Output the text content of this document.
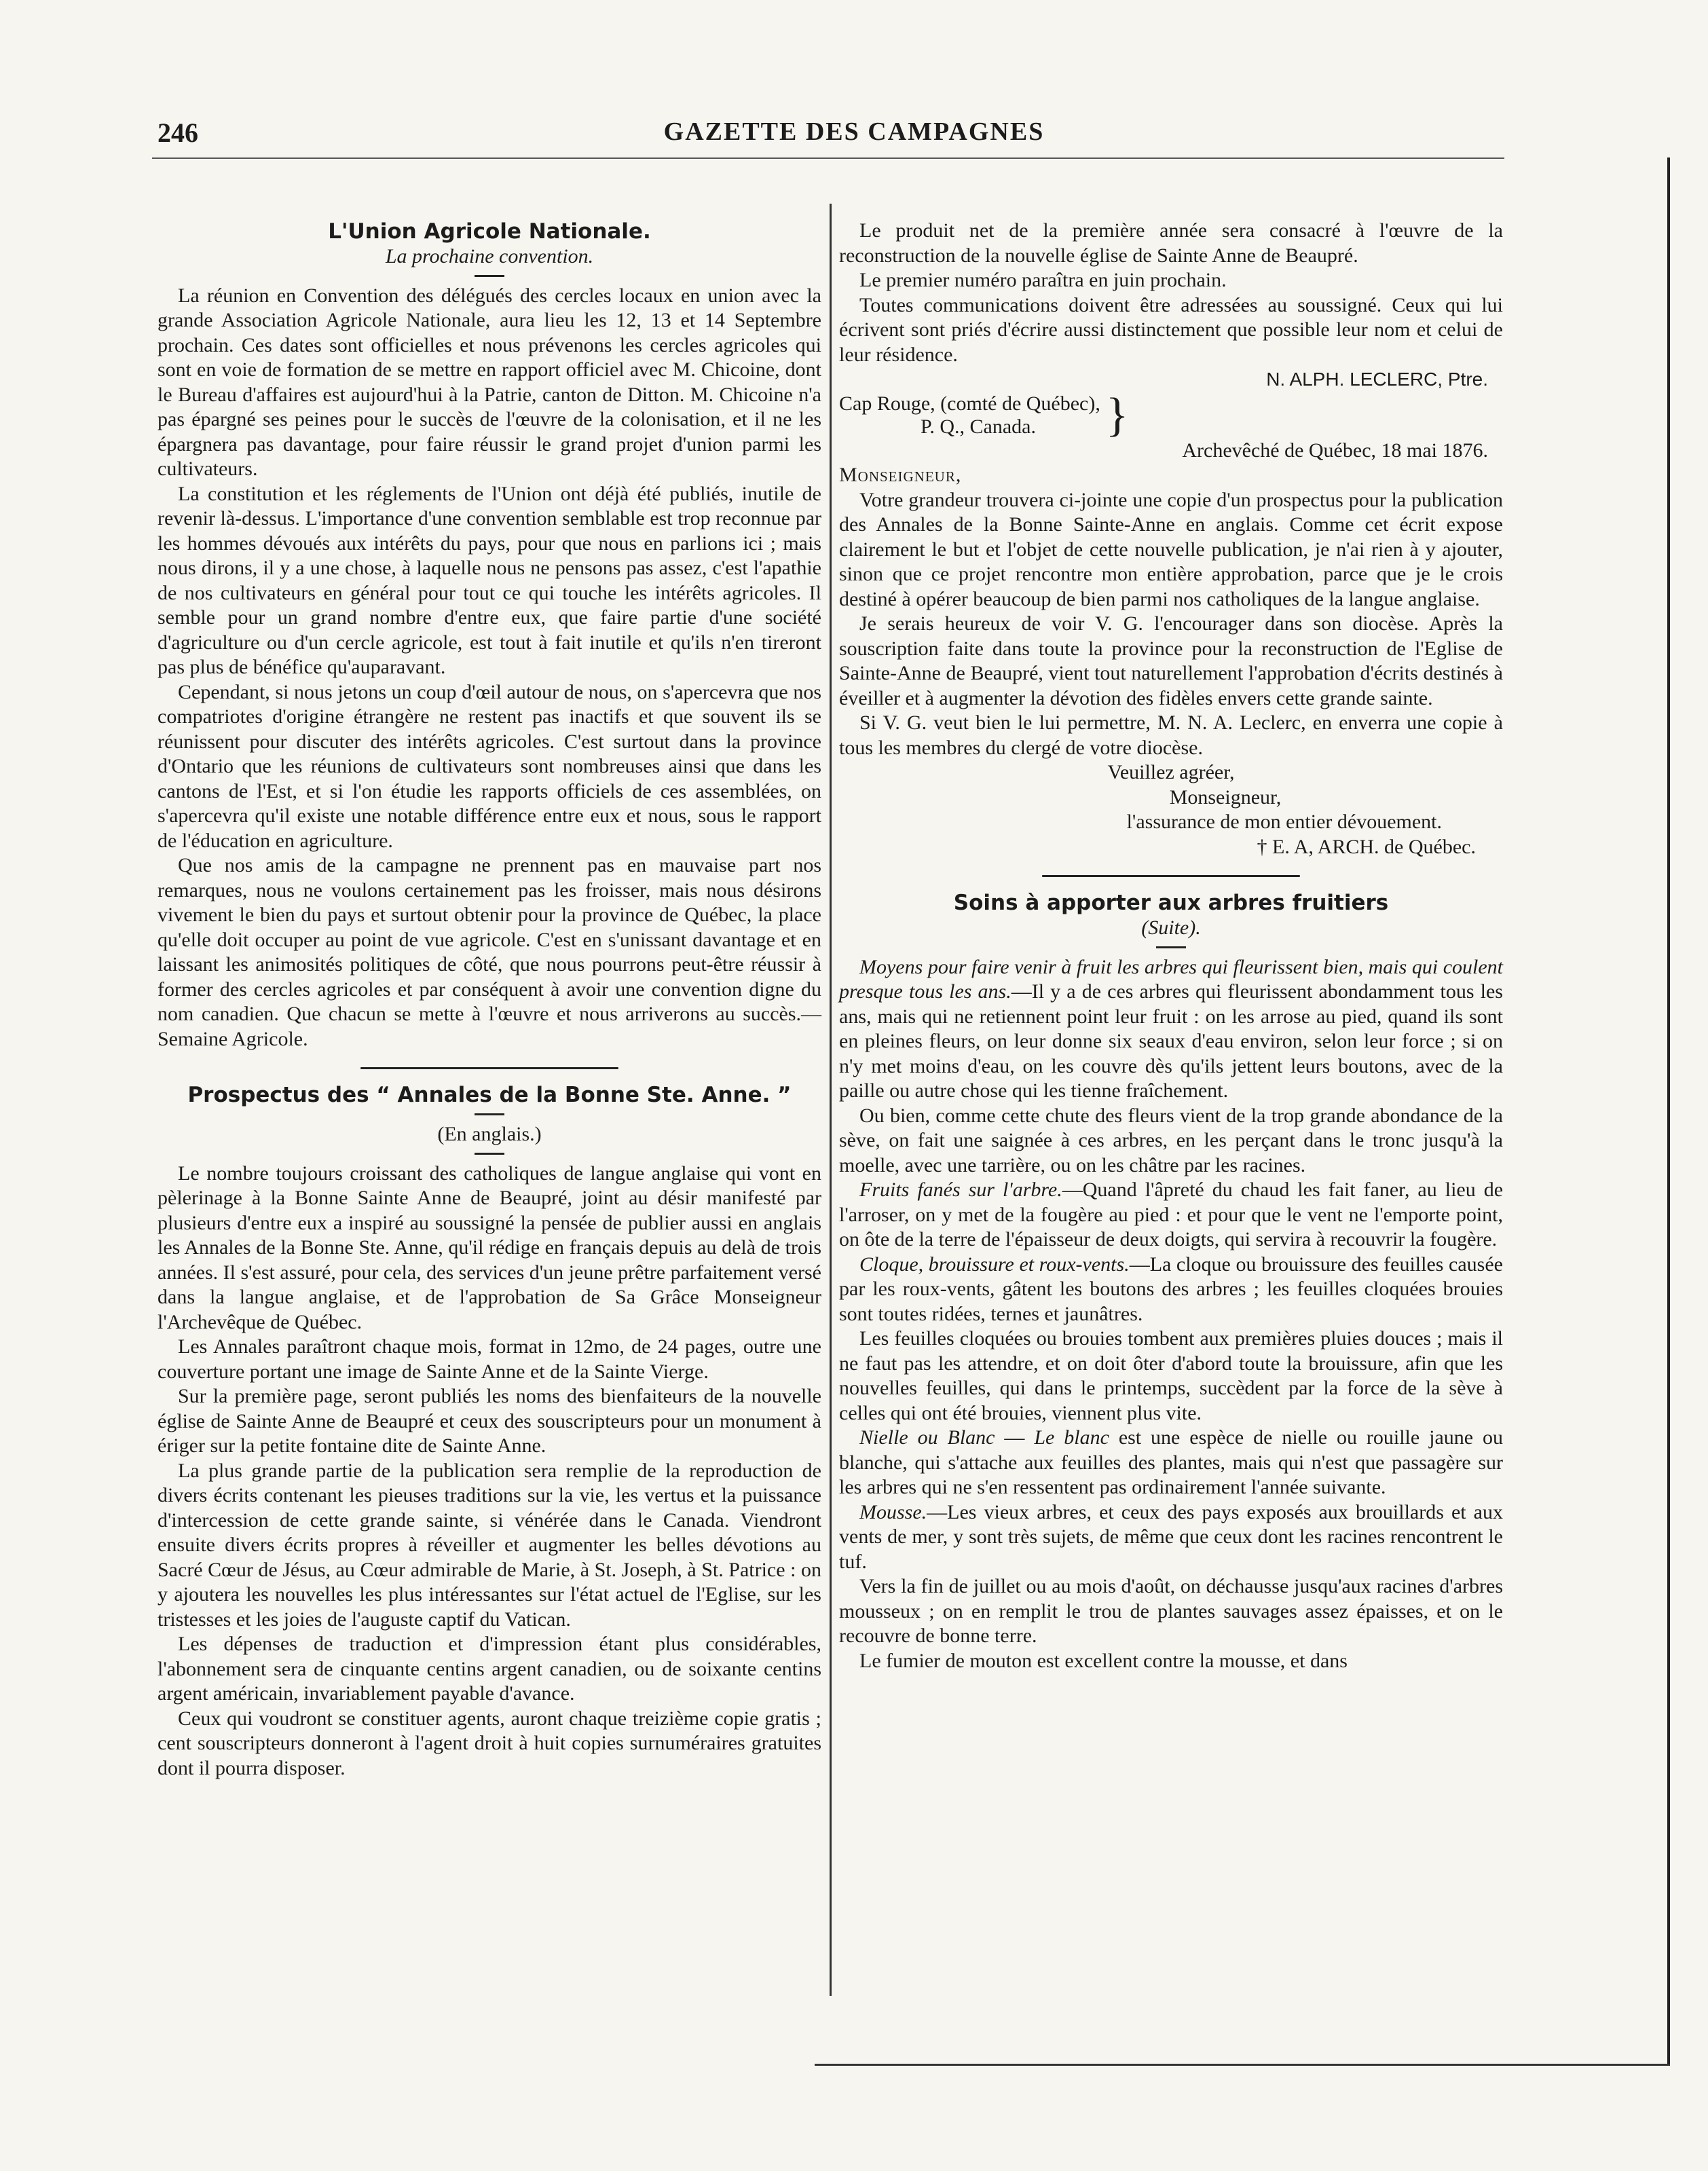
246	GAZETTE DES CAMPAGNES
L'Union Agricole Nationale.
La prochaine convention.

La réunion en Convention des délégués des cercles locaux en union avec la grande Association Agricole Nationale, aura lieu les 12, 13 et 14 Septembre prochain. Ces dates sont officielles et nous prévenons les cercles agricoles qui sont en voie de formation de se mettre en rapport officiel avec M. Chicoine, dont le Bureau d'affaires est aujourd'hui à la Patrie, canton de Ditton. M. Chicoine n'a pas épargné ses peines pour le succès de l'œuvre de la colonisation, et il ne les épargnera pas davantage, pour faire réussir le grand projet d'union parmi les cultivateurs.

La constitution et les réglements de l'Union ont déjà été publiés, inutile de revenir là-dessus. L'importance d'une convention semblable est trop reconnue par les hommes dévoués aux intérêts du pays, pour que nous en parlions ici ; mais nous dirons, il y a une chose, à laquelle nous ne pensons pas assez, c'est l'apathie de nos cultivateurs en général pour tout ce qui touche les intérêts agricoles. Il semble pour un grand nombre d'entre eux, que faire partie d'une société d'agriculture ou d'un cercle agricole, est tout à fait inutile et qu'ils n'en tireront pas plus de bénéfice qu'auparavant.

Cependant, si nous jetons un coup d'œil autour de nous, on s'apercevra que nos compatriotes d'origine étrangère ne restent pas inactifs et que souvent ils se réunissent pour discuter des intérêts agricoles. C'est surtout dans la province d'Ontario que les réunions de cultivateurs sont nombreuses ainsi que dans les cantons de l'Est, et si l'on étudie les rapports officiels de ces assemblées, on s'apercevra qu'il existe une notable différence entre eux et nous, sous le rapport de l'éducation en agriculture.

Que nos amis de la campagne ne prennent pas en mauvaise part nos remarques, nous ne voulons certainement pas les froisser, mais nous désirons vivement le bien du pays et surtout obtenir pour la province de Québec, la place qu'elle doit occuper au point de vue agricole. C'est en s'unissant davantage et en laissant les animosités politiques de côté, que nous pourrons peut-être réussir à former des cercles agricoles et par conséquent à avoir une convention digne du nom canadien. Que chacun se mette à l'œuvre et nous arriverons au succès.—Semaine Agricole.

Prospectus des “ Annales de la Bonne Ste. Anne. ”
(En anglais.)

Le nombre toujours croissant des catholiques de langue anglaise qui vont en pèlerinage à la Bonne Sainte Anne de Beaupré, joint au désir manifesté par plusieurs d'entre eux a inspiré au soussigné la pensée de publier aussi en anglais les Annales de la Bonne Ste. Anne, qu'il rédige en français depuis au delà de trois années. Il s'est assuré, pour cela, des services d'un jeune prêtre parfaitement versé dans la langue anglaise, et de l'approbation de Sa Grâce Monseigneur l'Archevêque de Québec.

Les Annales paraîtront chaque mois, format in 12mo, de 24 pages, outre une couverture portant une image de Sainte Anne et de la Sainte Vierge.

Sur la première page, seront publiés les noms des bienfaiteurs de la nouvelle église de Sainte Anne de Beaupré et ceux des souscripteurs pour un monument à ériger sur la petite fontaine dite de Sainte Anne.

La plus grande partie de la publication sera remplie de la reproduction de divers écrits contenant les pieuses traditions sur la vie, les vertus et la puissance d'intercession de cette grande sainte, si vénérée dans le Canada. Viendront ensuite divers écrits propres à réveiller et augmenter les belles dévotions au Sacré Cœur de Jésus, au Cœur admirable de Marie, à St. Joseph, à St. Patrice : on y ajoutera les nouvelles les plus intéressantes sur l'état actuel de l'Eglise, sur les tristesses et les joies de l'auguste captif du Vatican.

Les dépenses de traduction et d'impression étant plus considérables, l'abonnement sera de cinquante centins argent canadien, ou de soixante centins argent américain, invariablement payable d'avance.

Ceux qui voudront se constituer agents, auront chaque treizième copie gratis ; cent souscripteurs donneront à l'agent droit à huit copies surnuméraires gratuites dont il pourra disposer.

Le produit net de la première année sera consacré à l'œuvre de la reconstruction de la nouvelle église de Sainte Anne de Beaupré.

Le premier numéro paraîtra en juin prochain.

Toutes communications doivent être adressées au soussigné. Ceux qui lui écrivent sont priés d'écrire aussi distinctement que possible leur nom et celui de leur résidence.

N. ALPH. LECLERC, Ptre.
Cap Rouge, (comté de Québec),
P. Q., Canada.	}
Archevêché de Québec, 18 mai 1876.

Monseigneur,

Votre grandeur trouvera ci-jointe une copie d'un prospectus pour la publication des Annales de la Bonne Sainte-Anne en anglais. Comme cet écrit expose clairement le but et l'objet de cette nouvelle publication, je n'ai rien à y ajouter, sinon que ce projet rencontre mon entière approbation, parce que je le crois destiné à opérer beaucoup de bien parmi nos catholiques de la langue anglaise.

Je serais heureux de voir V. G. l'encourager dans son diocèse. Après la souscription faite dans toute la province pour la reconstruction de l'Eglise de Sainte-Anne de Beaupré, vient tout naturellement l'approbation d'écrits destinés à éveiller et à augmenter la dévotion des fidèles envers cette grande sainte.

Si V. G. veut bien le lui permettre, M. N. A. Leclerc, en enverra une copie à tous les membres du clergé de votre diocèse.

Veuillez agréer,
Monseigneur,
l'assurance de mon entier dévouement.
† E. A, ARCH. de Québec.
Soins à apporter aux arbres fruitiers
(Suite).

Moyens pour faire venir à fruit les arbres qui fleurissent bien, mais qui coulent presque tous les ans.—Il y a de ces arbres qui fleurissent abondamment tous les ans, mais qui ne retiennent point leur fruit : on les arrose au pied, quand ils sont en pleines fleurs, on leur donne six seaux d'eau environ, selon leur force ; si on n'y met moins d'eau, on les couvre dès qu'ils jettent leurs boutons, avec de la paille ou autre chose qui les tienne fraîchement.

Ou bien, comme cette chute des fleurs vient de la trop grande abondance de la sève, on fait une saignée à ces arbres, en les perçant dans le tronc jusqu'à la moelle, avec une tarrière, ou on les châtre par les racines.

Fruits fanés sur l'arbre.—Quand l'âpreté du chaud les fait faner, au lieu de l'arroser, on y met de la fougère au pied : et pour que le vent ne l'emporte point, on ôte de la terre de l'épaisseur de deux doigts, qui servira à recouvrir la fougère.

Cloque, brouissure et roux-vents.—La cloque ou brouissure des feuilles causée par les roux-vents, gâtent les boutons des arbres ; les feuilles cloquées brouies sont toutes ridées, ternes et jaunâtres.

Les feuilles cloquées ou brouies tombent aux premières pluies douces ; mais il ne faut pas les attendre, et on doit ôter d'abord toute la brouissure, afin que les nouvelles feuilles, qui dans le printemps, succèdent par la force de la sève à celles qui ont été brouies, viennent plus vite.

Nielle ou Blanc — Le blanc est une espèce de nielle ou rouille jaune ou blanche, qui s'attache aux feuilles des plantes, mais qui n'est que passagère sur les arbres qui ne s'en ressentent pas ordinairement l'année suivante.

Mousse.—Les vieux arbres, et ceux des pays exposés aux brouillards et aux vents de mer, y sont très sujets, de même que ceux dont les racines rencontrent le tuf.

Vers la fin de juillet ou au mois d'août, on déchausse jusqu'aux racines d'arbres mousseux ; on en remplit le trou de plantes sauvages assez épaisses, et on le recouvre de bonne terre.

Le fumier de mouton est excellent contre la mousse, et dans
